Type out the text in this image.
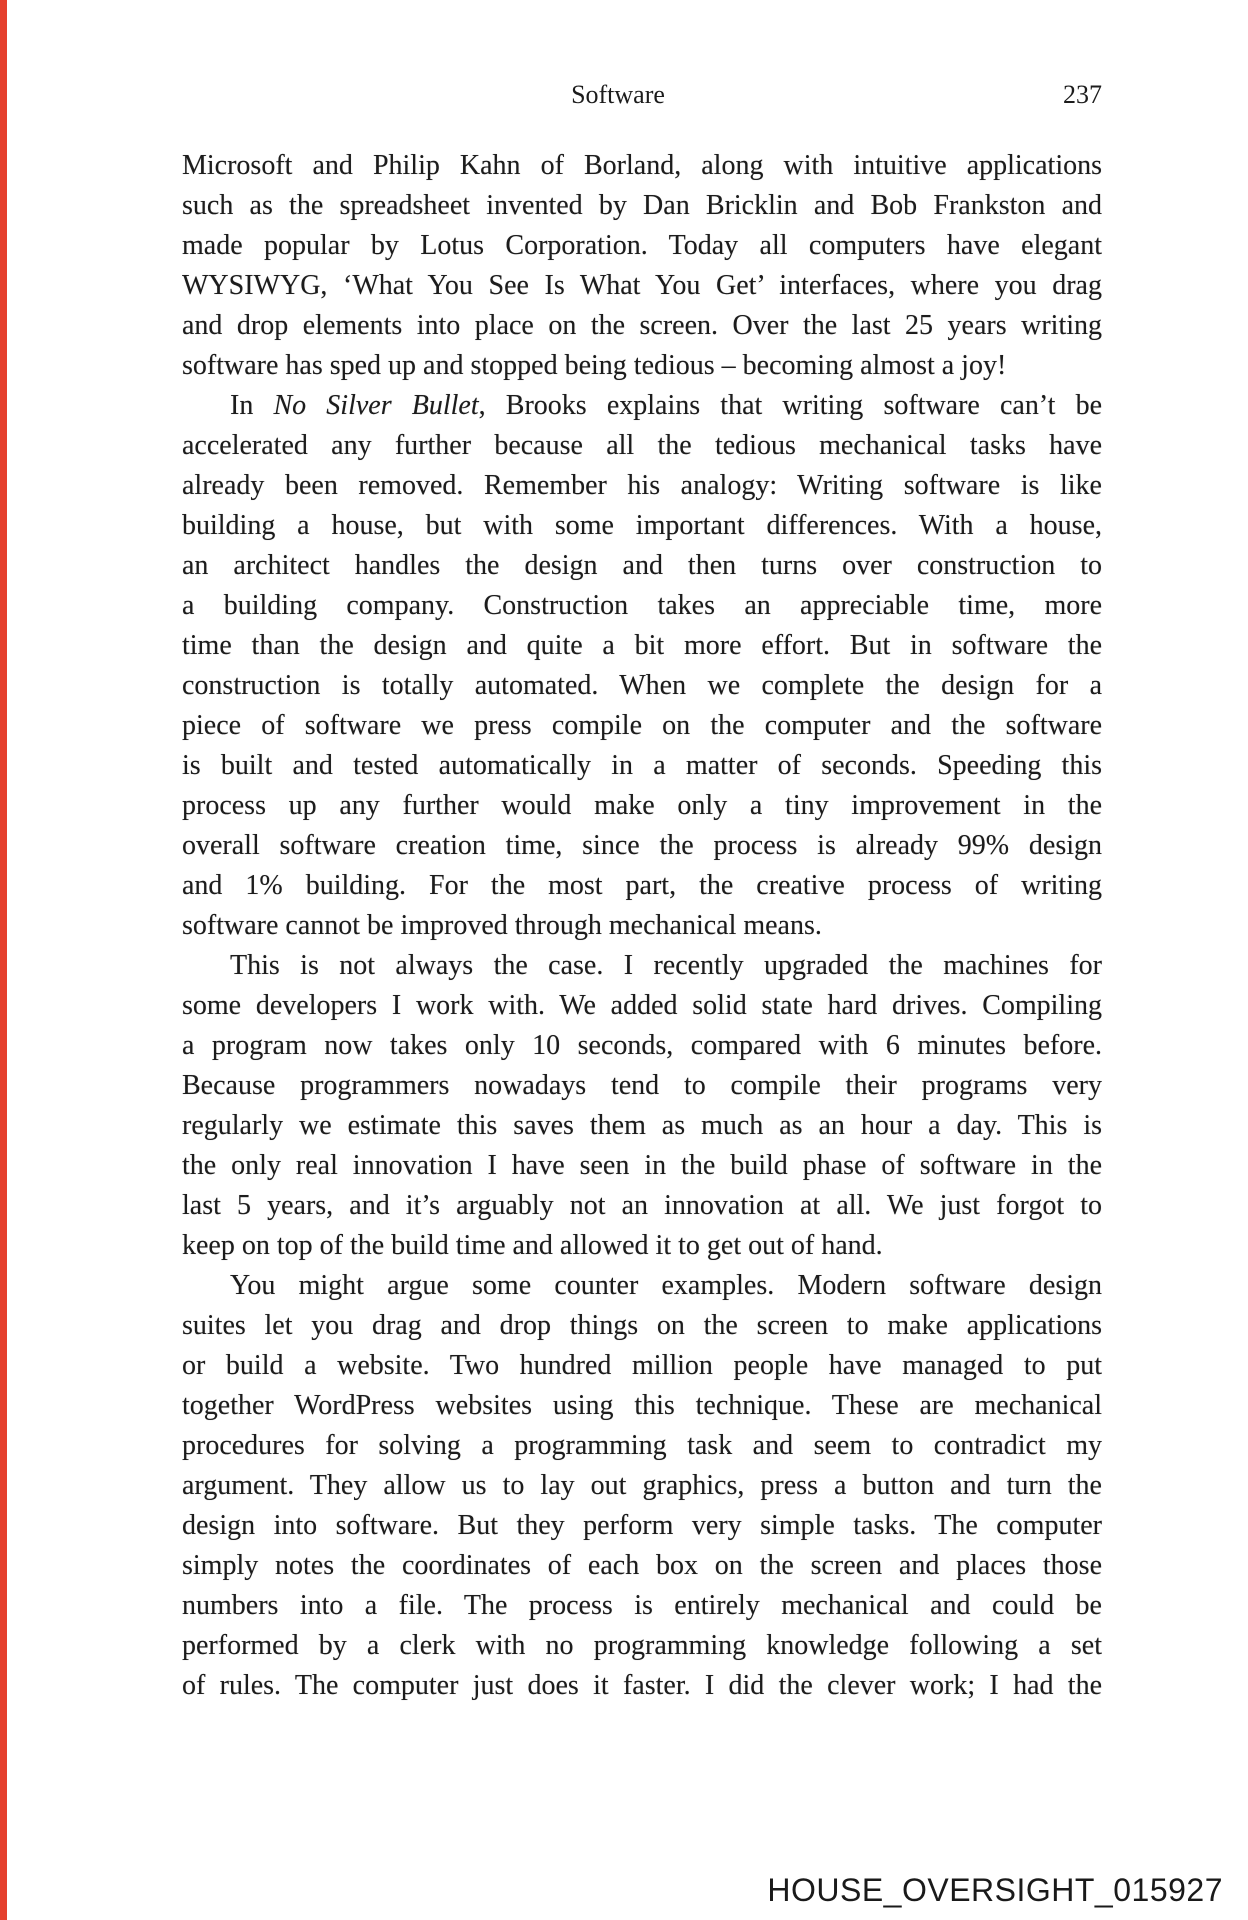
Software	237
Microsoft and Philip Kahn of Borland, along with intuitive applications
such as the spreadsheet invented by Dan Bricklin and Bob Frankston and
made popular by Lotus Corporation. Today all computers have elegant
WYSIWYG, ‘What You See Is What You Get’ interfaces, where you drag
and drop elements into place on the screen. Over the last 25 years writing
software has sped up and stopped being tedious – becoming almost a joy!
In No Silver Bullet, Brooks explains that writing software can’t be
accelerated any further because all the tedious mechanical tasks have
already been removed. Remember his analogy: Writing software is like
building a house, but with some important differences. With a house,
an architect handles the design and then turns over construction to
a building company. Construction takes an appreciable time, more
time than the design and quite a bit more effort. But in software the
construction is totally automated. When we complete the design for a
piece of software we press compile on the computer and the software
is built and tested automatically in a matter of seconds. Speeding this
process up any further would make only a tiny improvement in the
overall software creation time, since the process is already 99% design
and 1% building. For the most part, the creative process of writing
software cannot be improved through mechanical means.
This is not always the case. I recently upgraded the machines for
some developers I work with. We added solid state hard drives. Compiling
a program now takes only 10 seconds, compared with 6 minutes before.
Because programmers nowadays tend to compile their programs very
regularly we estimate this saves them as much as an hour a day. This is
the only real innovation I have seen in the build phase of software in the
last 5 years, and it’s arguably not an innovation at all. We just forgot to
keep on top of the build time and allowed it to get out of hand.
You might argue some counter examples. Modern software design
suites let you drag and drop things on the screen to make applications
or build a website. Two hundred million people have managed to put
together WordPress websites using this technique. These are mechanical
procedures for solving a programming task and seem to contradict my
argument. They allow us to lay out graphics, press a button and turn the
design into software. But they perform very simple tasks. The computer
simply notes the coordinates of each box on the screen and places those
numbers into a file. The process is entirely mechanical and could be
performed by a clerk with no programming knowledge following a set
of rules. The computer just does it faster. I did the clever work; I had the
HOUSE_OVERSIGHT_015927
